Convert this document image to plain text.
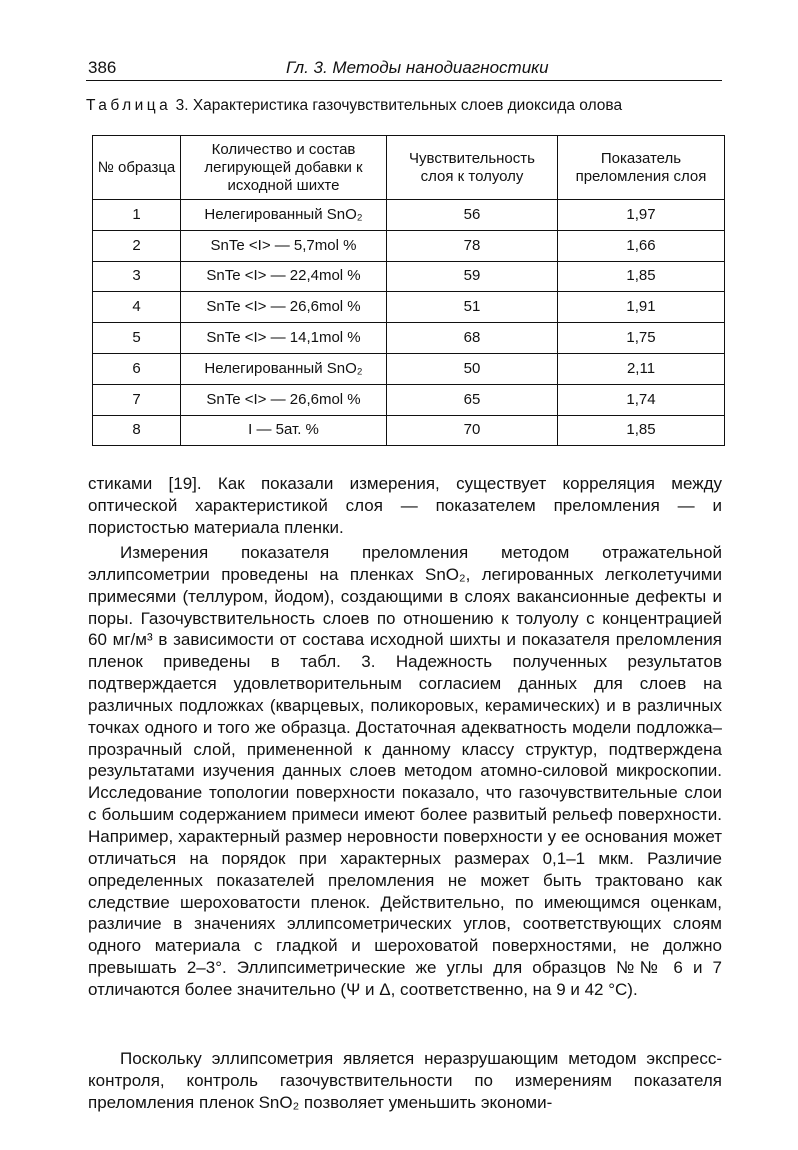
386	Гл. 3. Методы нанодиагностики
Таблица 3. Характеристика газочувствительных слоев диоксида олова
№ образца	Количество и состав легирующей добавки к исходной шихте	Чувствительность слоя к толуолу	Показатель преломления слоя
1	Нелегированный SnO₂	56	1,97
2	SnTe <I> — 5,7mol %	78	1,66
3	SnTe <I> — 22,4mol %	59	1,85
4	SnTe <I> — 26,6mol %	51	1,91
5	SnTe <I> — 14,1mol %	68	1,75
6	Нелегированный SnO₂	50	2,11
7	SnTe <I> — 26,6mol %	65	1,74
8	I — 5ат. %	70	1,85

стиками [19]. Как показали измерения, существует корреляция между оптической характеристикой слоя — показателем преломления — и пористостью материала пленки.

Измерения показателя преломления методом отражательной эллипсометрии проведены на пленках SnO₂, легированных легколетучими примесями (теллуром, йодом), создающими в слоях вакансионные дефекты и поры. Газочувствительность слоев по отношению к толуолу с концентрацией 60 мг/м³ в зависимости от состава исходной шихты и показателя преломления пленок приведены в табл. 3. Надежность полученных результатов подтверждается удовлетворительным согласием данных для слоев на различных подложках (кварцевых, поликоровых, керамических) и в различных точках одного и того же образца. Достаточная адекватность модели подложка–прозрачный слой, примененной к данному классу структур, подтверждена результатами изучения данных слоев методом атомно-силовой микроскопии. Исследование топологии поверхности показало, что газочувствительные слои с большим содержанием примеси имеют более развитый рельеф поверхности. Например, характерный размер неровности поверхности у ее основания может отличаться на порядок при характерных размерах 0,1–1 мкм. Различие определенных показателей преломления не может быть трактовано как следствие шероховатости пленок. Действительно, по имеющимся оценкам, различие в значениях эллипсометрических углов, соответствующих слоям одного материала с гладкой и шероховатой поверхностями, не должно превышать 2–3°. Эллипсиметрические же углы для образцов №№ 6 и 7 отличаются более значительно (Ψ и Δ, соответственно, на 9 и 42 °С).

Поскольку эллипсометрия является неразрушающим методом экспресс-контроля, контроль газочувствительности по измерениям показателя преломления пленок SnO₂ позволяет уменьшить экономи-
